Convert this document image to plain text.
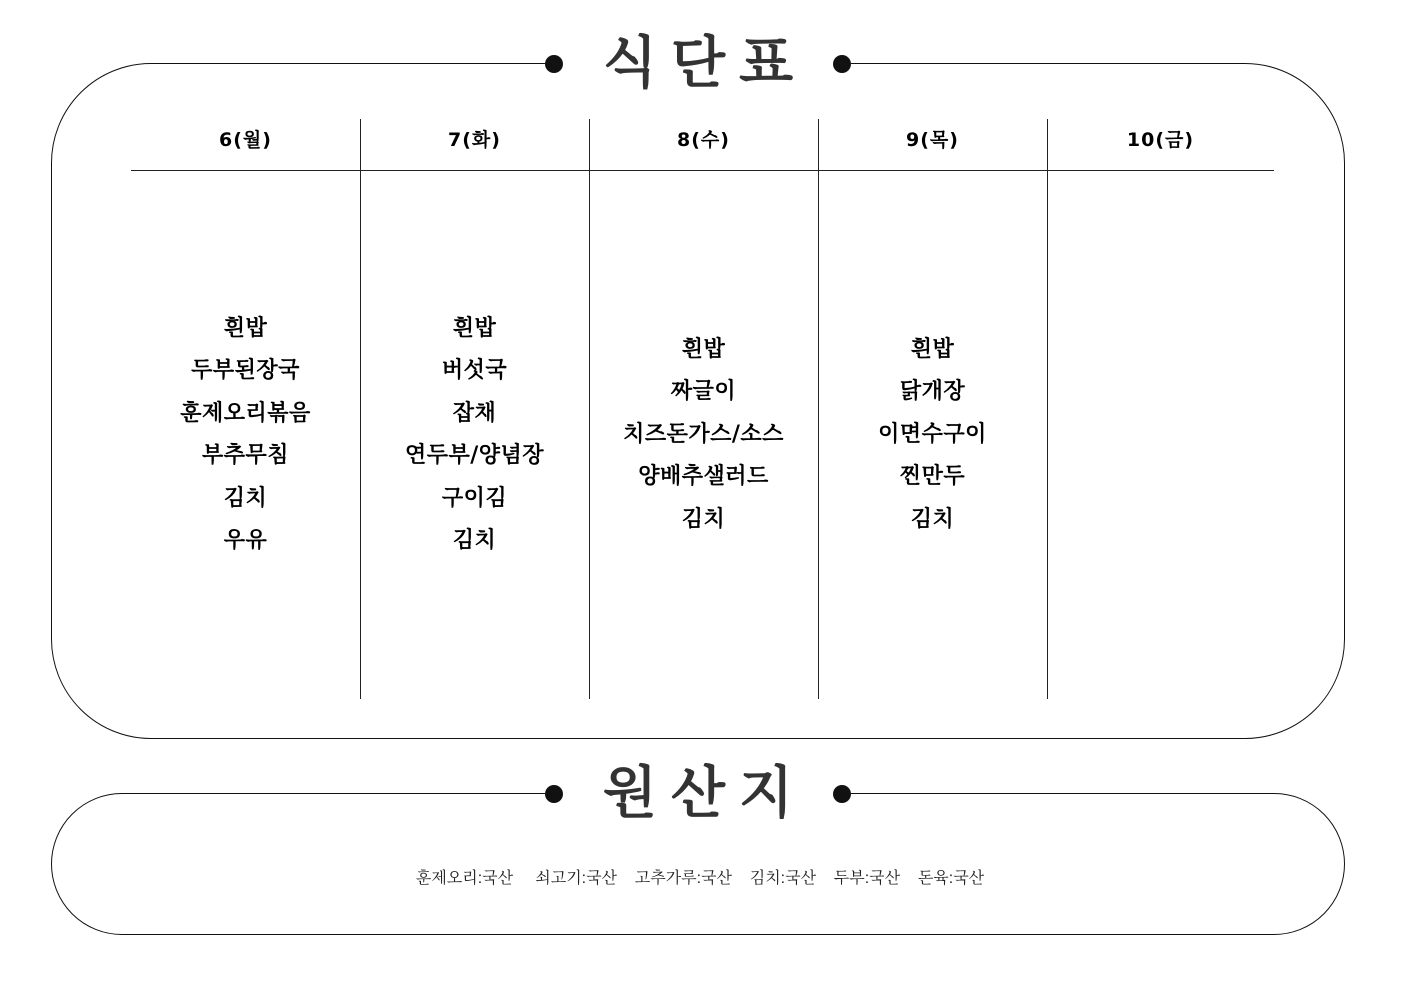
식단표
6(월)
흰밥
두부된장국
훈제오리볶음
부추무침
김치
우유
7(화)
흰밥
버섯국
잡채
연두부/양념장
구이김
김치
8(수)
흰밥
짜글이
치즈돈가스/소스
양배추샐러드
김치
9(목)
흰밥
닭개장
이면수구이
찐만두
김치
10(금)
원산지
훈제오리:국산     쇠고기:국산    고추가루:국산    김치:국산    두부:국산    돈육:국산
